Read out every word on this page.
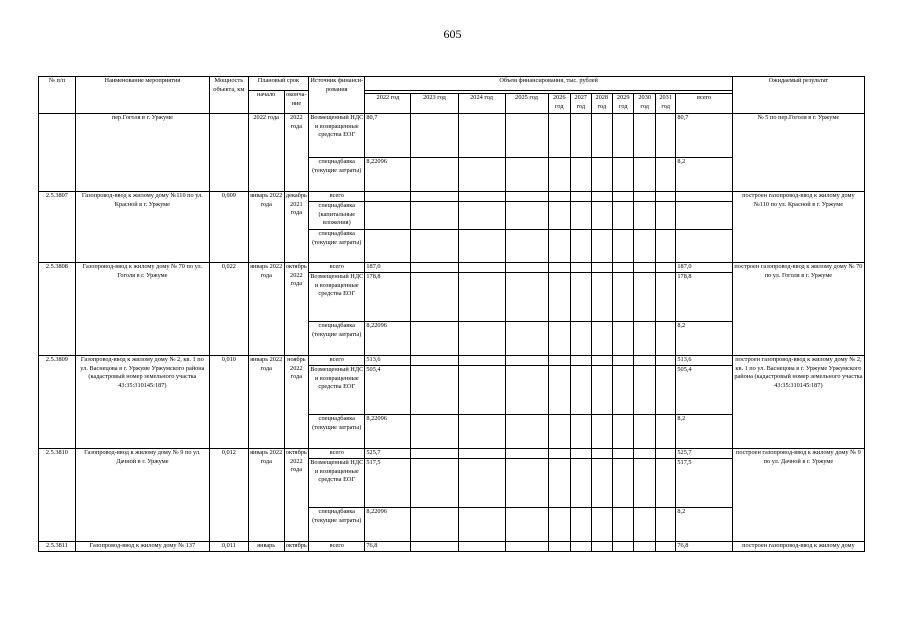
605
№ п/п	Наименование мероприятия	Мощность объекта, км	Плановый срок		Источник финанси- рования	Объем финансирования, тыс. рублей											Ожидаемый результат
			начало	оконча- ние													
						2022 год	2023 год	2024 год	2025 год	2026 год	2027 год	2028 год	2029 год	2030 год	2031 год	всего	
	пер.Гоголя в г. Уржуме		2022 года	2022 года	Возмещенный НДС и возвращенные средства ЕОГ	80,7										80,7	№ 5 по пер.Гоголя в г. Уржуме
					спецнадбавка (текущие затраты)	8,22096										8,2	
2.5.3807	Газопровод-ввод к жилому дому №110 по ул. Красной в г. Уржуме	0,009	январь 2022 года	декабрь 2021 года	всего												построен газопровод-ввод к жилому дому №110 по ул. Красной в г. Уржуме
					спецнадбавка (капитальные вложения)												
					спецнадбавка (текущие затраты)												
2.5.3808	Газопровод-ввод к жилому дому № 70 по ул. Гоголя в г. Уржуме	0,022	январь 2022 года	октябрь 2022 года	всего	187,0										187,0	построен газопровод-ввод к жилому дому № 70 по ул. Гоголя в г. Уржуме
					Возмещенный НДС и возвращенные средства ЕОГ	178,8										178,8	
					спецнадбавка (текущие затраты)	8,22096										8,2	
2.5.3809	Газопровод-ввод к жилому дому № 2, кв. 1 по ул. Васнецова в г. Уржуме Уржумского района (кадастровый номер земельного участка 43:35:310145:187)	0,010	январь 2022 года	ноябрь 2022 года	всего	513,6										513,6	построен газопровод-ввод к жилому дому № 2, кв. 1 по ул. Васнецова в г. Уржуме Уржумского района (кадастровый номер земельного участка 43:35:310145:187)
					Возмещенный НДС и возвращенные средства ЕОГ	505,4										505,4	
					спецнадбавка (текущие затраты)	8,22096										8,2	
2.5.3810	Газопровод-ввод к жилому дому № 9 по ул. Дачной в г. Уржуме	0,012	январь 2022 года	октябрь 2022 года	всего	525,7										525,7	построен газопровод-ввод к жилому дому № 9 по ул. Дачной в г. Уржуме
					Возмещенный НДС и возвращенные средства ЕОГ	517,5										517,5	
					спецнадбавка (текущие затраты)	8,22096										8,2	
2.5.3811	Газопровод-ввод к жилому дому № 137	0,011	январь	октябрь	всего	76,8										76,8	построен газопровод-ввод к жилому дому
